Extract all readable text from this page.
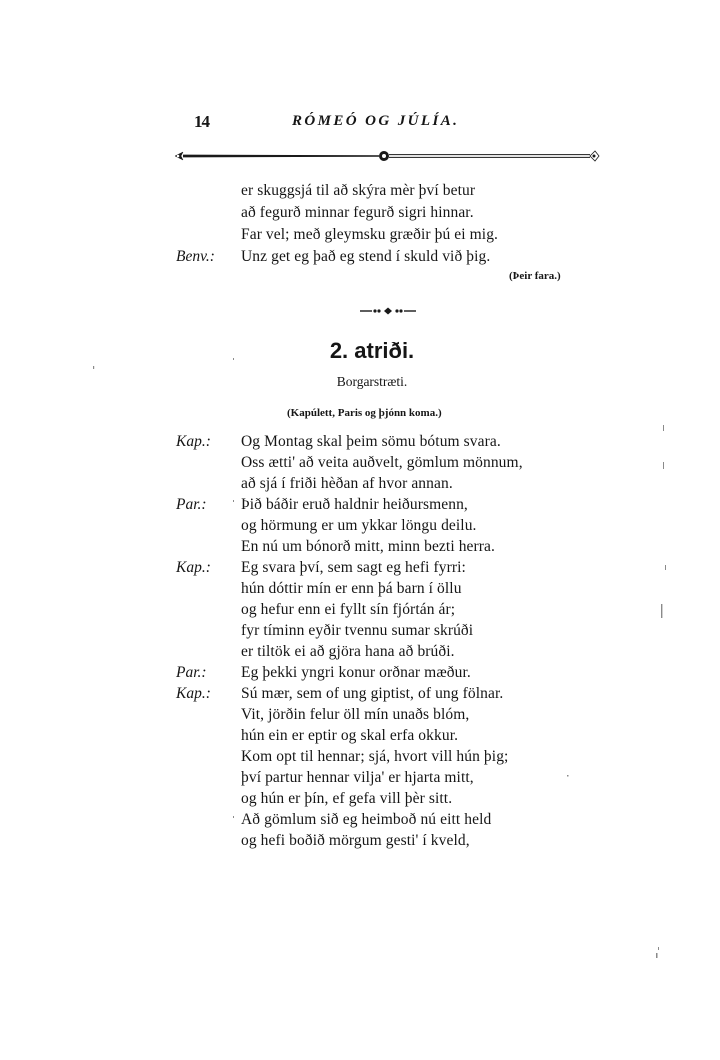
14	RÓMEÓ OG JÚLÍA.
er skuggsjá til að skýra mèr því betur
að fegurð minnar fegurð sigri hinnar.
Far vel; með gleymsku græðir þú ei mig.
Benv.: Unz get eg það eg stend í skuld við þig.
(Þeir fara.)
2. atriði.
Borgarstræti.
(Kapúlett, Paris og þjónn koma.)
Kap.: Og Montag skal þeim sömu bótum svara.
Oss ætti' að veita auðvelt, gömlum mönnum,
að sjá í friði hèðan af hvor annan.
Par.: Þið báðir eruð haldnir heiðursmenn,
og hörmung er um ykkar löngu deilu.
En nú um bónorð mitt, minn bezti herra.
Kap.: Eg svara því, sem sagt eg hefi fyrri:
hún dóttir mín er enn þá barn í öllu
og hefur enn ei fyllt sín fjórtán ár;
fyr tíminn eyðir tvennu sumar skrúði
er tiltök ei að gjöra hana að brúði.
Par.: Eg þekki yngri konur orðnar mæður.
Kap.: Sú mær, sem of ung giptist, of ung fölnar.
Vit, jörðin felur öll mín unaðs blóm,
hún ein er eptir og skal erfa okkur.
Kom opt til hennar; sjá, hvort vill hún þig;
því partur hennar vilja' er hjarta mitt,
og hún er þín, ef gefa vill þèr sitt.
Að gömlum sið eg heimboð nú eitt held
og hefi boðið mörgum gesti' í kveld,
